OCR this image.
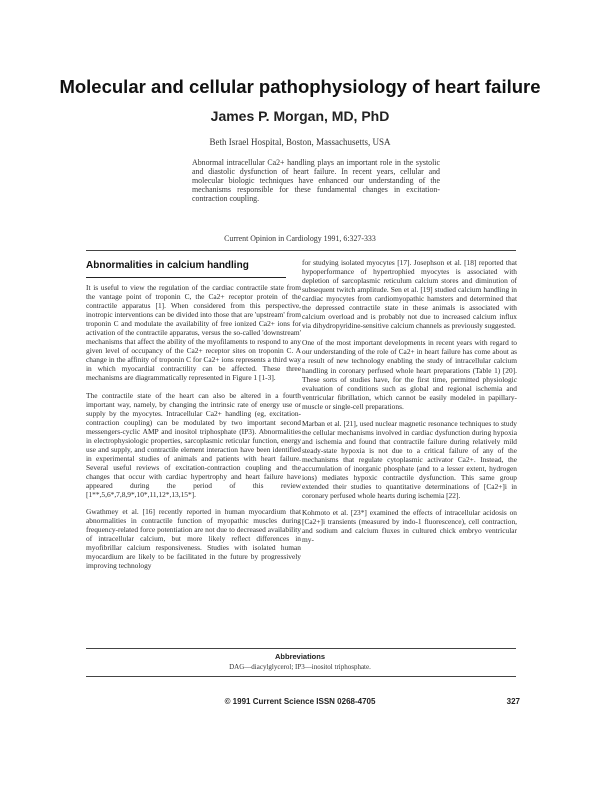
Molecular and cellular pathophysiology of heart failure
James P. Morgan, MD, PhD
Beth Israel Hospital, Boston, Massachusetts, USA
Abnormal intracellular Ca2+ handling plays an important role in the systolic and diastolic dysfunction of heart failure. In recent years, cellular and molecular biologic techniques have enhanced our understanding of the mechanisms responsible for these fundamental changes in excitation-contraction coupling.
Current Opinion in Cardiology 1991, 6:327-333
Abnormalities in calcium handling

It is useful to view the regulation of the cardiac contractile state from the vantage point of troponin C, the Ca2+ receptor protein of the contractile apparatus [1]. When considered from this perspective, inotropic interventions can be divided into those that are 'upstream' from troponin C and modulate the availability of free ionized Ca2+ ions for activation of the contractile apparatus, versus the so-called 'downstream' mechanisms that affect the ability of the myofilaments to respond to any given level of occupancy of the Ca2+ receptor sites on troponin C. A change in the affinity of troponin C for Ca2+ ions represents a third way in which myocardial contractility can be affected. These three mechanisms are diagrammatically represented in Figure 1 [1-3].

The contractile state of the heart can also be altered in a fourth important way, namely, by changing the intrinsic rate of energy use or supply by the myocytes. Intracellular Ca2+ handling (eg, excitation-contraction coupling) can be modulated by two important second messengers-cyclic AMP and inositol triphosphate (IP3). Abnormalities in electrophysiologic properties, sarcoplasmic reticular function, energy use and supply, and contractile element interaction have been identified in experimental studies of animals and patients with heart failure. Several useful reviews of excitation-contraction coupling and the changes that occur with cardiac hypertrophy and heart failure have appeared during the period of this review [1**,5,6*,7,8,9*,10*,11,12*,13,15*].

Gwathmey et al. [16] recently reported in human myocardium that abnormalities in contractile function of myopathic muscles during frequency-related force potentiation are not due to decreased availability of intracellular calcium, but more likely reflect differences in myofibrillar calcium responsiveness. Studies with isolated human myocardium are likely to be facilitated in the future by progressively improving technology

for studying isolated myocytes [17]. Josephson et al. [18] reported that hypoperformance of hypertrophied myocytes is associated with depletion of sarcoplasmic reticulum calcium stores and diminution of subsequent twitch amplitude. Sen et al. [19] studied calcium handling in cardiac myocytes from cardiomyopathic hamsters and determined that the depressed contractile state in these animals is associated with calcium overload and is probably not due to increased calcium influx via dihydropyridine-sensitive calcium channels as previously suggested.

One of the most important developments in recent years with regard to our understanding of the role of Ca2+ in heart failure has come about as a result of new technology enabling the study of intracellular calcium handling in coronary perfused whole heart preparations (Table 1) [20]. These sorts of studies have, for the first time, permitted physiologic evaluation of conditions such as global and regional ischemia and ventricular fibrillation, which cannot be easily modeled in papillary-muscle or single-cell preparations.

Marban et al. [21], used nuclear magnetic resonance techniques to study the cellular mechanisms involved in cardiac dysfunction during hypoxia and ischemia and found that contractile failure during relatively mild steady-state hypoxia is not due to a critical failure of any of the mechanisms that regulate cytoplasmic activator Ca2+. Instead, the accumulation of inorganic phosphate (and to a lesser extent, hydrogen ions) mediates hypoxic contractile dysfunction. This same group extended their studies to quantitative determinations of [Ca2+]i in coronary perfused whole hearts during ischemia [22].

Kohmoto et al. [23*] examined the effects of intracellular acidosis on [Ca2+]i transients (measured by indo-1 fluorescence), cell contraction, and sodium and calcium fluxes in cultured chick embryo ventricular my-

Abbreviations
DAG—diacylglycerol; IP3—inositol triphosphate.
© 1991 Current Science ISSN 0268-4705	327
